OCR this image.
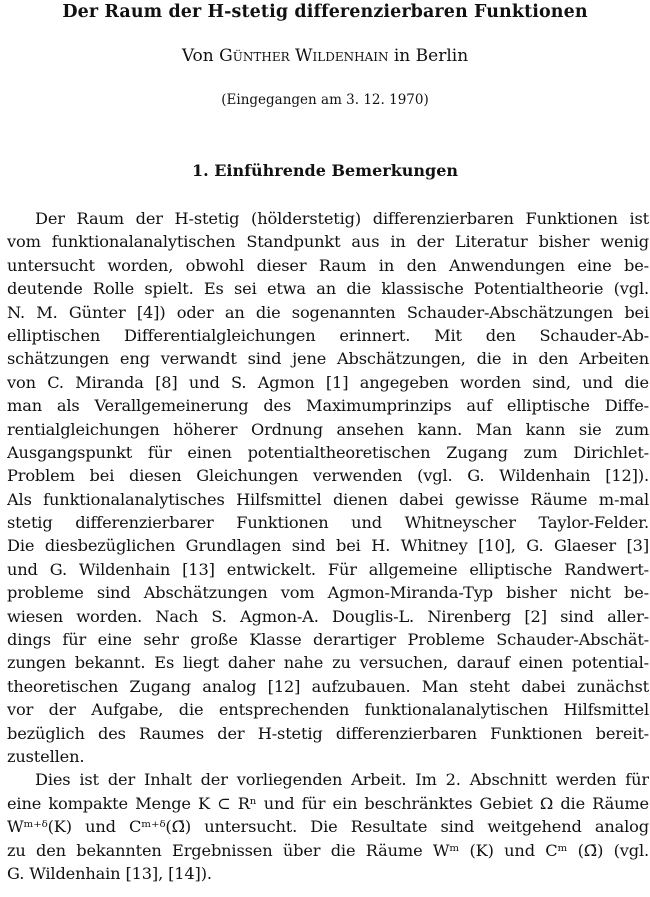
Der Raum der H-stetig differenzierbaren Funktionen
Von Günther Wildenhain in Berlin
(Eingegangen am 3. 12. 1970)
1. Einführende Bemerkungen
Der Raum der H-stetig (hölderstetig) differenzierbaren Funktionen ist
vom funktionalanalytischen Standpunkt aus in der Literatur bisher wenig
untersucht worden, obwohl dieser Raum in den Anwendungen eine be-
deutende Rolle spielt. Es sei etwa an die klassische Potentialtheorie (vgl.
N. M. Günter [4]) oder an die sogenannten Schauder-Abschätzungen bei
elliptischen Differentialgleichungen erinnert. Mit den Schauder-Ab-
schätzungen eng verwandt sind jene Abschätzungen, die in den Arbeiten
von C. Miranda [8] und S. Agmon [1] angegeben worden sind, und die
man als Verallgemeinerung des Maximumprinzips auf elliptische Diffe-
rentialgleichungen höherer Ordnung ansehen kann. Man kann sie zum
Ausgangspunkt für einen potentialtheoretischen Zugang zum Dirichlet-
Problem bei diesen Gleichungen verwenden (vgl. G. Wildenhain [12]).
Als funktionalanalytisches Hilfsmittel dienen dabei gewisse Räume m-mal
stetig differenzierbarer Funktionen und Whitneyscher Taylor-Felder.
Die diesbezüglichen Grundlagen sind bei H. Whitney [10], G. Glaeser [3]
und G. Wildenhain [13] entwickelt. Für allgemeine elliptische Randwert-
probleme sind Abschätzungen vom Agmon-Miranda-Typ bisher nicht be-
wiesen worden. Nach S. Agmon-A. Douglis-L. Nirenberg [2] sind aller-
dings für eine sehr große Klasse derartiger Probleme Schauder-Abschät-
zungen bekannt. Es liegt daher nahe zu versuchen, darauf einen potential-
theoretischen Zugang analog [12] aufzubauen. Man steht dabei zunächst
vor der Aufgabe, die entsprechenden funktionalanalytischen Hilfsmittel
bezüglich des Raumes der H-stetig differenzierbaren Funktionen bereit-
zustellen.
Dies ist der Inhalt der vorliegenden Arbeit. Im 2. Abschnitt werden für
eine kompakte Menge K ⊂ Rⁿ und für ein beschränktes Gebiet Ω die Räume
Wᵐ⁺ᵟ(K) und Cᵐ⁺ᵟ(Ω̄) untersucht. Die Resultate sind weitgehend analog
zu den bekannten Ergebnissen über die Räume Wᵐ (K) und Cᵐ (Ω̄) (vgl.
G. Wildenhain [13], [14]).
